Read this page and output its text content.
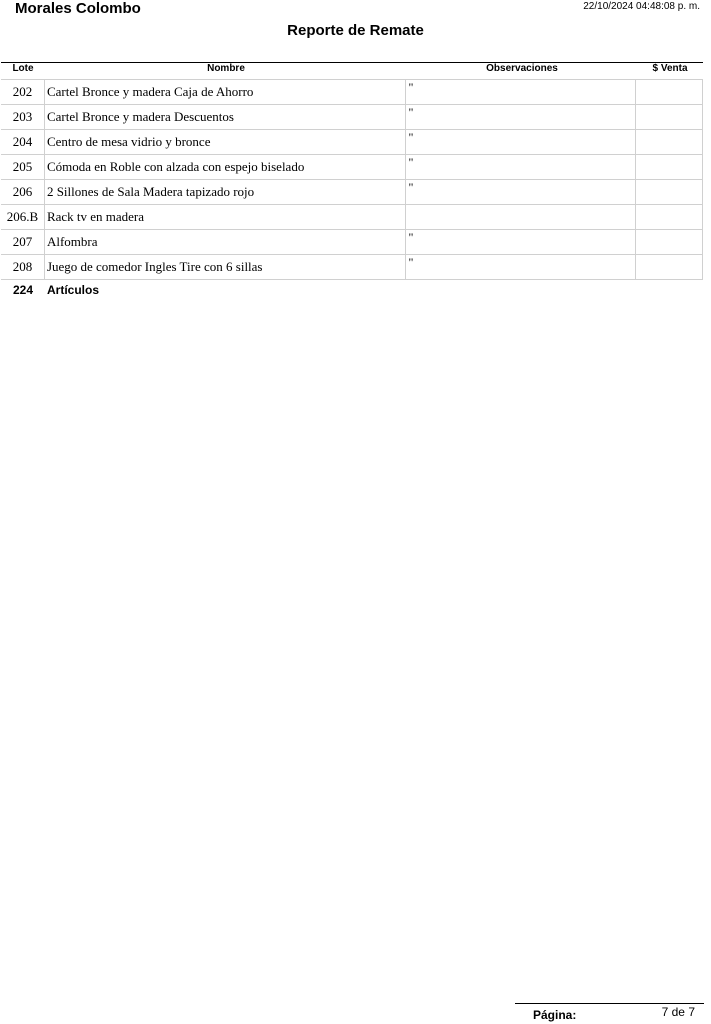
Morales Colombo	22/10/2024 04:48:08 p. m.
Reporte de Remate
Lote	Nombre	Observaciones	$ Venta
202	Cartel Bronce y madera Caja de Ahorro	"	
203	Cartel Bronce y madera Descuentos	"	
204	Centro de mesa vidrio y bronce	"	
205	Cómoda en Roble con alzada con espejo biselado	"	
206	2 Sillones de Sala Madera tapizado rojo	"	
206.B	Rack tv en madera		
207	Alfombra	"	
208	Juego de comedor Ingles Tire con 6 sillas	"	
224 Artículos
Página:	7 de 7
